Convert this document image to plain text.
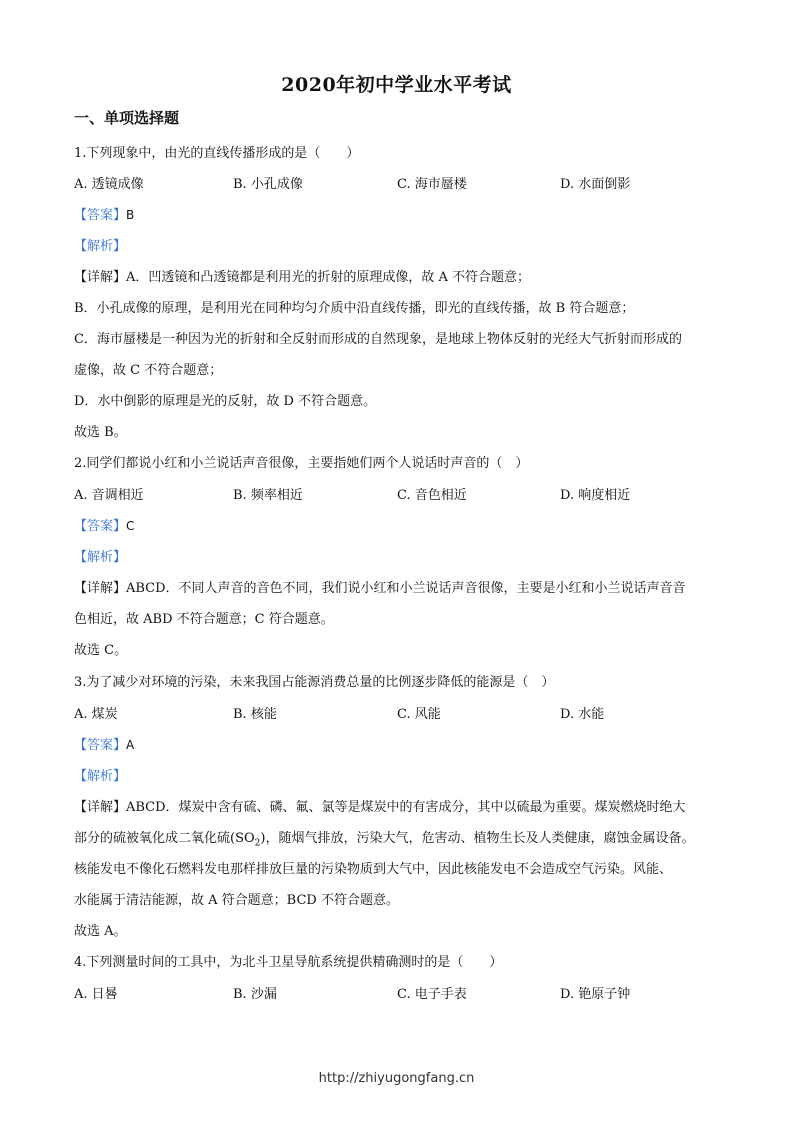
2020年初中学业水平考试
一、单项选择题
1.下列现象中，由光的直线传播形成的是（　　）
A. 透镜成像	B. 小孔成像	C. 海市蜃楼	D. 水面倒影
【答案】B
【解析】
【详解】A．凹透镜和凸透镜都是利用光的折射的原理成像，故 A 不符合题意；
B．小孔成像的原理，是利用光在同种均匀介质中沿直线传播，即光的直线传播，故 B 符合题意；
C．海市蜃楼是一种因为光的折射和全反射而形成的自然现象，是地球上物体反射的光经大气折射而形成的
虚像，故 C 不符合题意；
D．水中倒影的原理是光的反射，故 D 不符合题意。
故选 B。
2.同学们都说小红和小兰说话声音很像，主要指她们两个人说话时声音的（　）
A. 音调相近	B. 频率相近	C. 音色相近	D. 响度相近
【答案】C
【解析】
【详解】ABCD．不同人声音的音色不同，我们说小红和小兰说话声音很像，主要是小红和小兰说话声音音
色相近，故 ABD 不符合题意；C 符合题意。
故选 C。
3.为了减少对环境的污染，未来我国占能源消费总量的比例逐步降低的能源是（　）
A. 煤炭	B. 核能	C. 风能	D. 水能
【答案】A
【解析】
【详解】ABCD．煤炭中含有硫、磷、氟、氯等是煤炭中的有害成分，其中以硫最为重要。煤炭燃烧时绝大
部分的硫被氧化成二氧化硫$(SO_2)$，随烟气排放，污染大气，危害动、植物生长及人类健康，腐蚀金属设备。
核能发电不像化石燃料发电那样排放巨量的污染物质到大气中，因此核能发电不会造成空气污染。风能、
水能属于清洁能源，故 A 符合题意；BCD 不符合题意。
故选 A。
4.下列测量时间的工具中，为北斗卫星导航系统提供精确测时的是（　　）
A. 日晷	B. 沙漏	C. 电子手表	D. 铯原子钟
http://zhiyugongfang.cn
